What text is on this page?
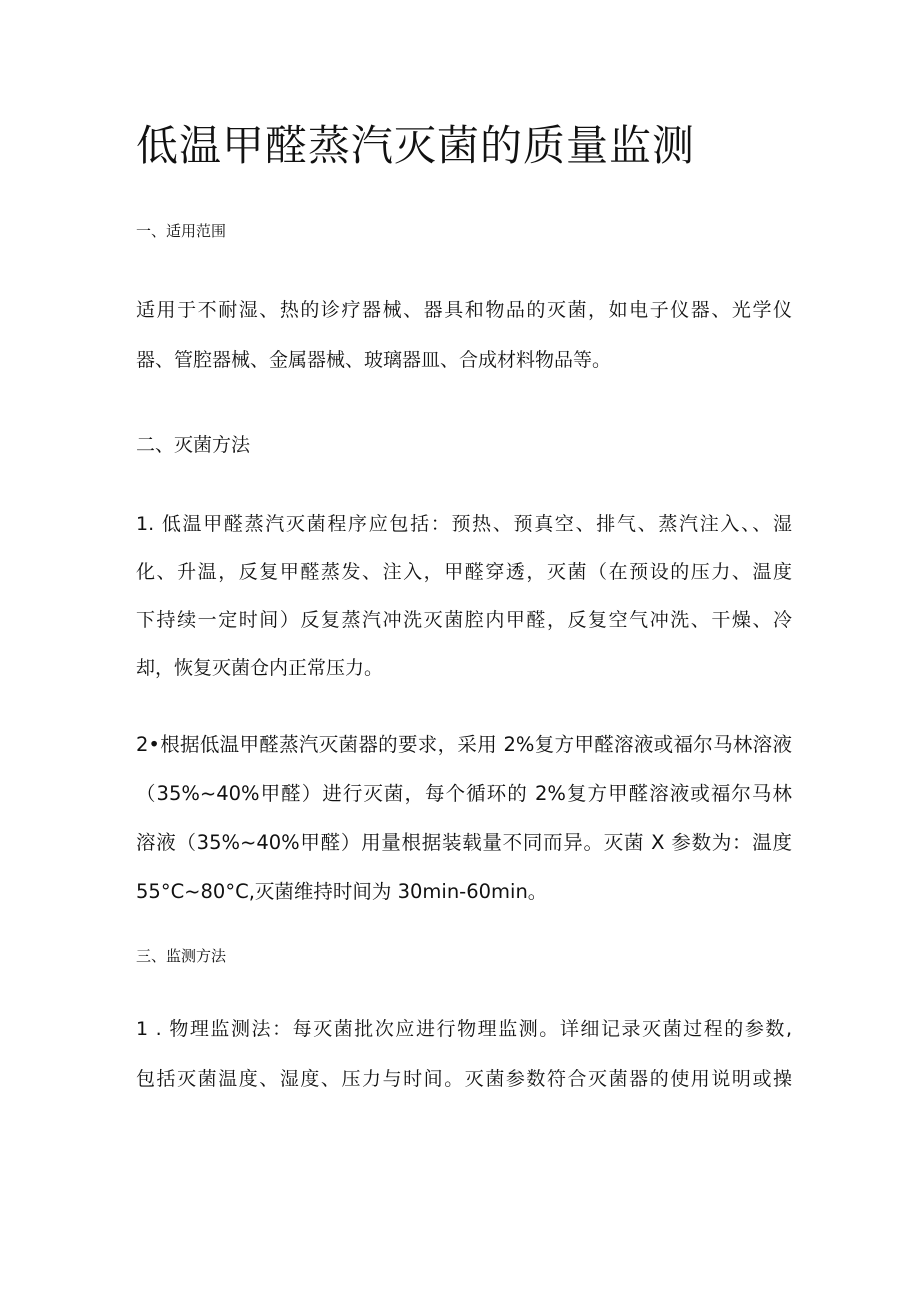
低温甲醛蒸汽灭菌的质量监测
一、适用范围
适用于不耐湿、热的诊疗器械、器具和物品的灭菌，如电子仪器、光学仪
器、管腔器械、金属器械、玻璃器皿、合成材料物品等。
二、灭菌方法
1. 低温甲醛蒸汽灭菌程序应包括：预热、预真空、排气、蒸汽注入、、湿
化、升温，反复甲醛蒸发、注入，甲醛穿透，灭菌（在预设的压力、温度
下持续一定时间）反复蒸汽冲洗灭菌腔内甲醛，反复空气冲洗、干燥、冷
却，恢复灭菌仓内正常压力。
2•根据低温甲醛蒸汽灭菌器的要求，采用 2%复方甲醛溶液或福尔马林溶液
（35%~40%甲醛）进行灭菌，每个循环的 2%复方甲醛溶液或福尔马林
溶液（35%~40%甲醛）用量根据装载量不同而异。灭菌 X 参数为：温度
55°C~80°C,灭菌维持时间为 30min-60min。
三、监测方法
1 . 物理监测法：每灭菌批次应进行物理监测。详细记录灭菌过程的参数,
包括灭菌温度、湿度、压力与时间。灭菌参数符合灭菌器的使用说明或操
